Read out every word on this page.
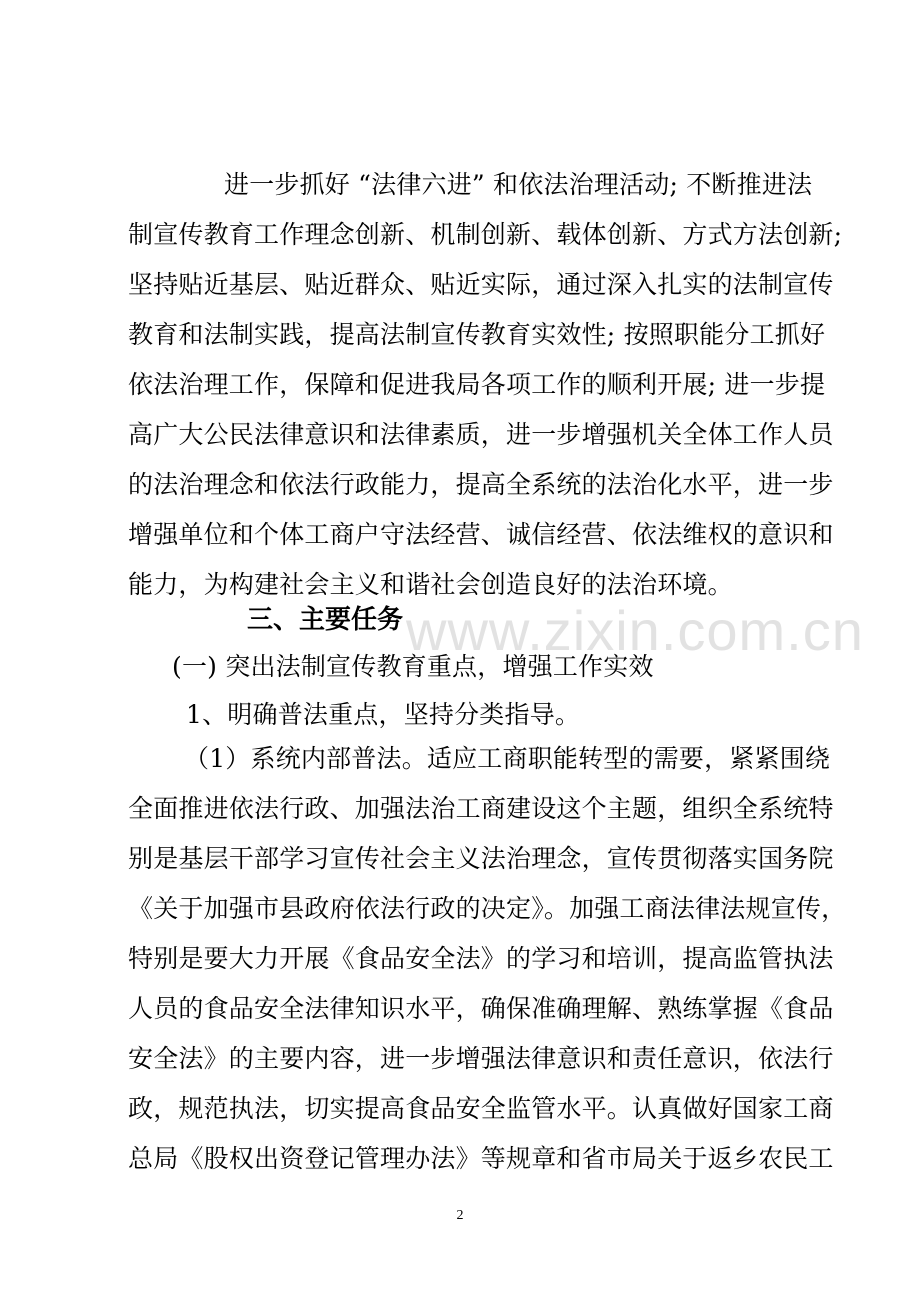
进一步抓好 “法律六进” 和依法治理活动; 不断推进法
制宣传教育工作理念创新、机制创新、载体创新、方式方法创新;
坚持贴近基层、贴近群众、贴近实际，通过深入扎实的法制宣传
教育和法制实践，提高法制宣传教育实效性; 按照职能分工抓好
依法治理工作，保障和促进我局各项工作的顺利开展; 进一步提
高广大公民法律意识和法律素质，进一步增强机关全体工作人员
的法治理念和依法行政能力，提高全系统的法治化水平，进一步
增强单位和个体工商户守法经营、诚信经营、依法维权的意识和
能力，为构建社会主义和谐社会创造良好的法治环境。
www.zixin.com.cn
三、主要任务
(一) 突出法制宣传教育重点，增强工作实效
1、明确普法重点，坚持分类指导。
（1）系统内部普法。适应工商职能转型的需要，紧紧围绕
全面推进依法行政、加强法治工商建设这个主题，组织全系统特
别是基层干部学习宣传社会主义法治理念，宣传贯彻落实国务院
《关于加强市县政府依法行政的决定》。加强工商法律法规宣传，
特别是要大力开展《食品安全法》的学习和培训，提高监管执法
人员的食品安全法律知识水平，确保准确理解、熟练掌握《食品
安全法》的主要内容，进一步增强法律意识和责任意识，依法行
政，规范执法，切实提高食品安全监管水平。认真做好国家工商
总局《股权出资登记管理办法》等规章和省市局关于返乡农民工
2
